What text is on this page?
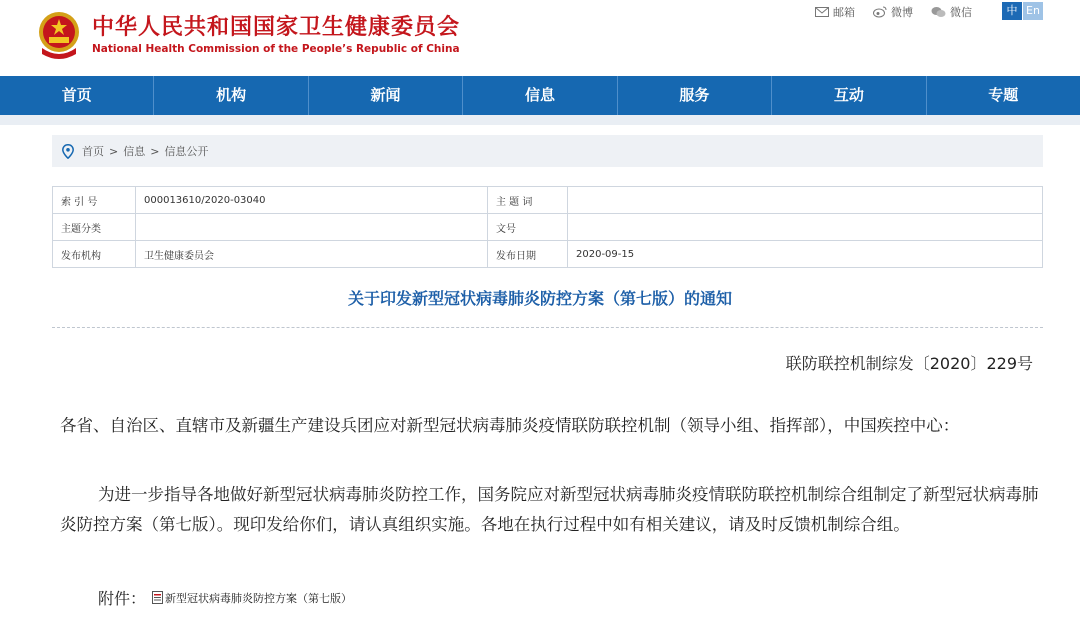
中华人民共和国国家卫生健康委员会
National Health Commission of the People’s Republic of China
邮箱	微博	微信	中 En
首页	机构	新闻	信息	服务	互动	专题
首页 > 信息 > 信息公开
索 引 号	000013610/2020-03040	主 题 词	
主题分类		文号	
发布机构	卫生健康委员会	发布日期	2020-09-15
关于印发新型冠状病毒肺炎防控方案（第七版）的通知
联防联控机制综发〔2020〕229号
各省、自治区、直辖市及新疆生产建设兵团应对新型冠状病毒肺炎疫情联防联控机制（领导小组、指挥部），中国疾控中心：
为进一步指导各地做好新型冠状病毒肺炎防控工作，国务院应对新型冠状病毒肺炎疫情联防联控机制综合组制定了新型冠状病毒肺炎防控方案（第七版）。现印发给你们，请认真组织实施。各地在执行过程中如有相关建议，请及时反馈机制综合组。
附件： 新型冠状病毒肺炎防控方案（第七版）
